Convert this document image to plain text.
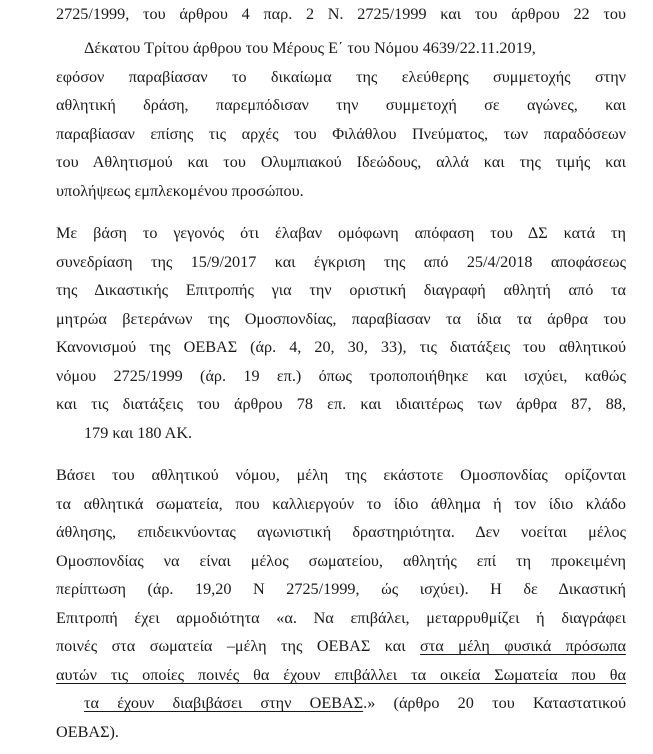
2725/1999, του άρθρου 4 παρ. 2 Ν. 2725/1999 και του άρθρου 22 του
Δέκατου Τρίτου άρθρου του Μέρους Ε΄ του Νόμου 4639/22.11.2019,
εφόσον παραβίασαν το δικαίωμα της ελεύθερης συμμετοχής στην
αθλητική δράση, παρεμπόδισαν την συμμετοχή σε αγώνες, και
παραβίασαν επίσης τις αρχές του Φιλάθλου Πνεύματος, των παραδόσεων
του Αθλητισμού και του Ολυμπιακού Ιδεώδους, αλλά και της τιμής και
υπολήψεως εμπλεκομένου προσώπου.
Με βάση το γεγονός ότι έλαβαν ομόφωνη απόφαση του ΔΣ κατά τη
συνεδρίαση της 15/9/2017 και έγκριση της από 25/4/2018 αποφάσεως
της Δικαστικής Επιτροπής για την οριστική διαγραφή αθλητή από τα
μητρώα βετεράνων της Ομοσπονδίας, παραβίασαν τα ίδια τα άρθρα του
Κανονισμού της ΟΕΒΑΣ (άρ. 4, 20, 30, 33), τις διατάξεις του αθλητικού
νόμου 2725/1999 (άρ. 19 επ.) όπως τροποποιήθηκε και ισχύει, καθώς
και τις διατάξεις του άρθρου 78 επ. και ιδιαιτέρως των άρθρα 87, 88,
179 και 180 ΑΚ.
Βάσει του αθλητικού νόμου, μέλη της εκάστοτε Ομοσπονδίας ορίζονται
τα αθλητικά σωματεία, που καλλιεργούν το ίδιο άθλημα ή τον ίδιο κλάδο
άθλησης, επιδεικνύοντας αγωνιστική δραστηριότητα. Δεν νοείται μέλος
Ομοσπονδίας να είναι μέλος σωματείου, αθλητής επί τη προκειμένη
περίπτωση (άρ. 19,20 Ν 2725/1999, ώς ισχύει). Η δε Δικαστική
Επιτροπή έχει αρμοδιότητα «α. Να επιβάλει, μεταρρυθμίζει ή διαγράφει
ποινές στα σωματεία –μέλη της ΟΕΒΑΣ και στα μέλη φυσικά πρόσωπα
αυτών τις οποίες ποινές θα έχουν επιβάλλει τα οικεία Σωματεία που θα
τα έχουν διαβιβάσει στην ΟΕΒΑΣ.» (άρθρο 20 του Καταστατικού
ΟΕΒΑΣ).
